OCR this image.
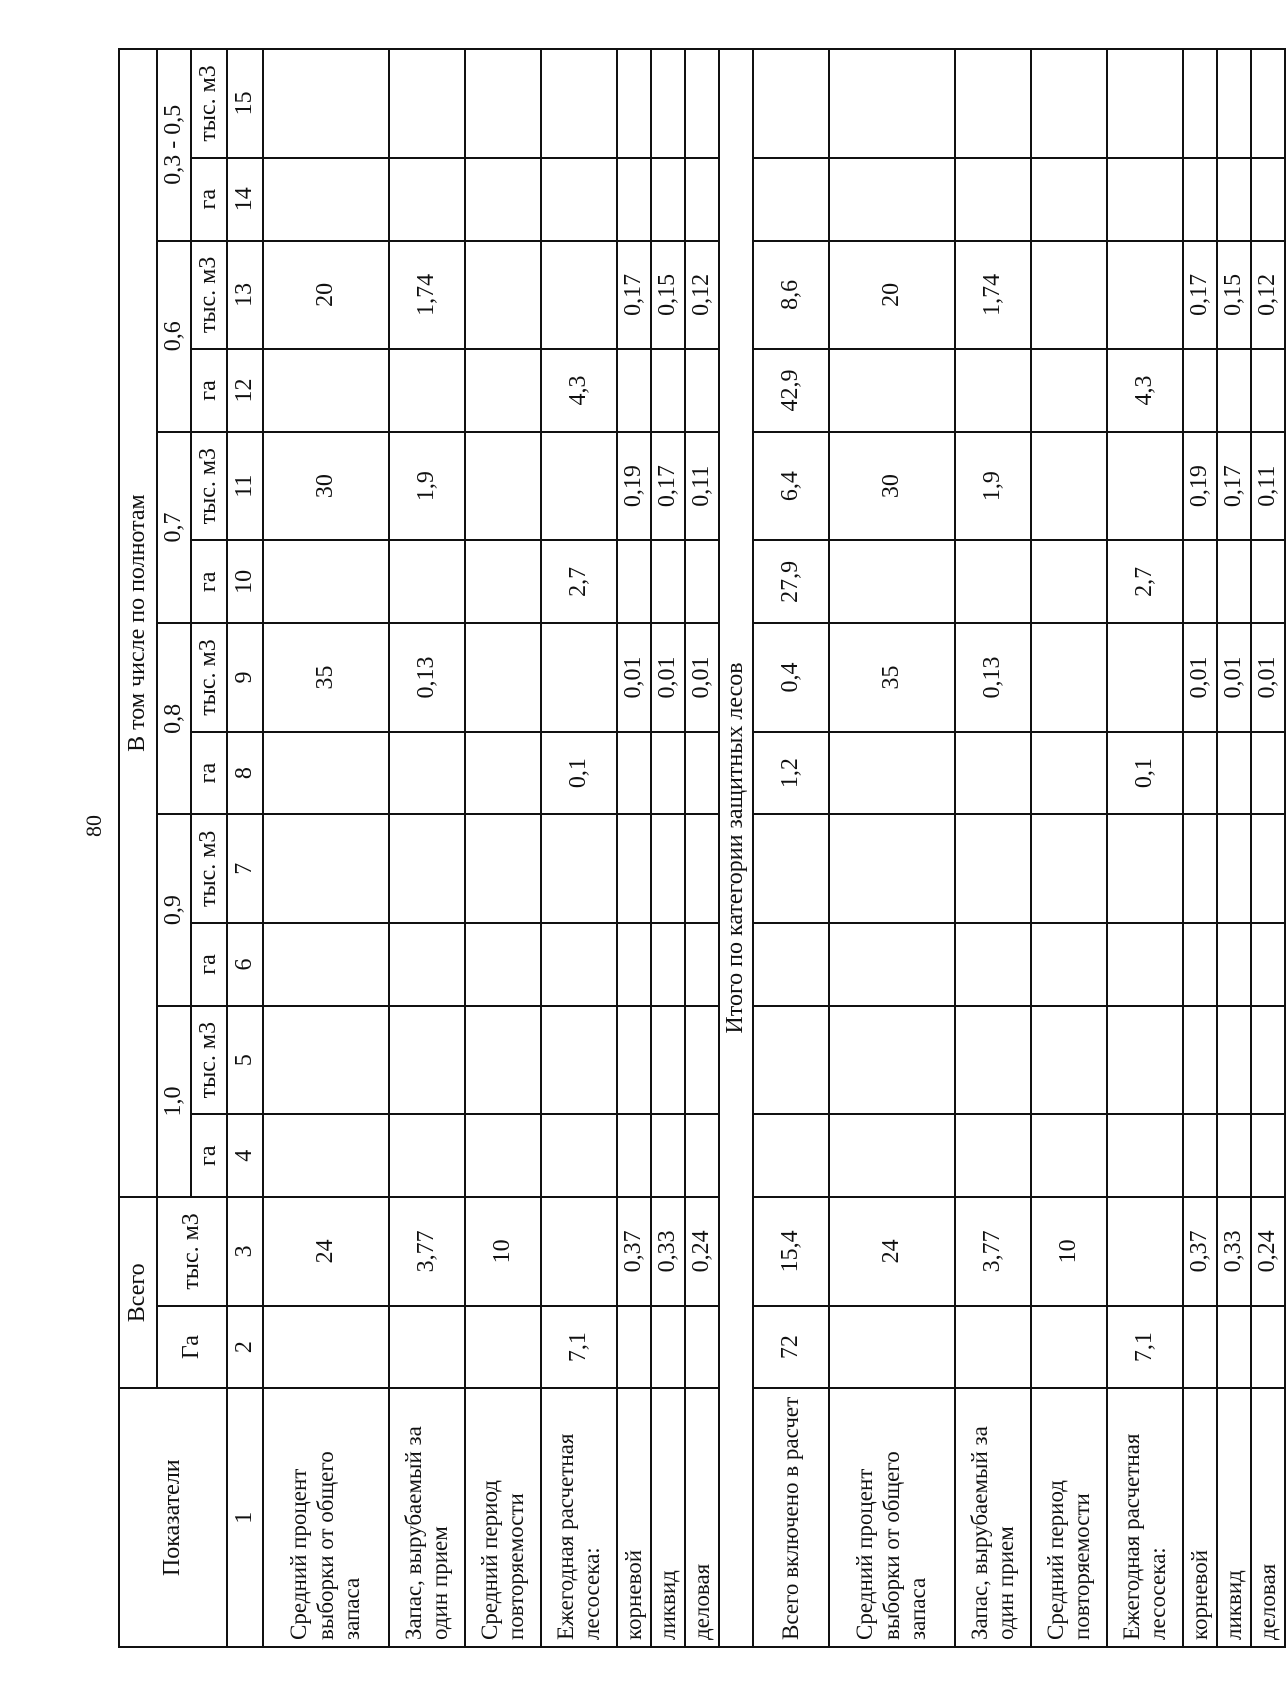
80
Показатели	Всего		В том числе по полнотам											
	Га	тыс. м3	1,0		0,9		0,8		0,7		0,6		0,3 - 0,5	
			га	тыс. м3	га	тыс. м3	га	тыс. м3	га	тыс. м3	га	тыс. м3	га	тыс. м3
1	2	3	4	5	6	7	8	9	10	11	12	13	14	15
Средний процент выборки от общего запаса		24						35		30		20		
Запас, вырубаемый за один прием		3,77						0,13		1,9		1,74		
Средний период повторяемости		10												
Ежегодная расчетная лесосека:	7,1						0,1		2,7		4,3			
корневой		0,37						0,01		0,19		0,17		
ликвид		0,33						0,01		0,17		0,15		
деловая		0,24						0,01		0,11		0,12		
Итого по категории защитных лесов														
Всего включено в расчет	72	15,4					1,2	0,4	27,9	6,4	42,9	8,6		
Средний процент выборки от общего запаса		24						35		30		20		
Запас, вырубаемый за один прием		3,77						0,13		1,9		1,74		
Средний период повторяемости		10												
Ежегодная расчетная лесосека:	7,1						0,1		2,7		4,3			
корневой		0,37						0,01		0,19		0,17		
ликвид		0,33						0,01		0,17		0,15		
деловая		0,24						0,01		0,11		0,12		
